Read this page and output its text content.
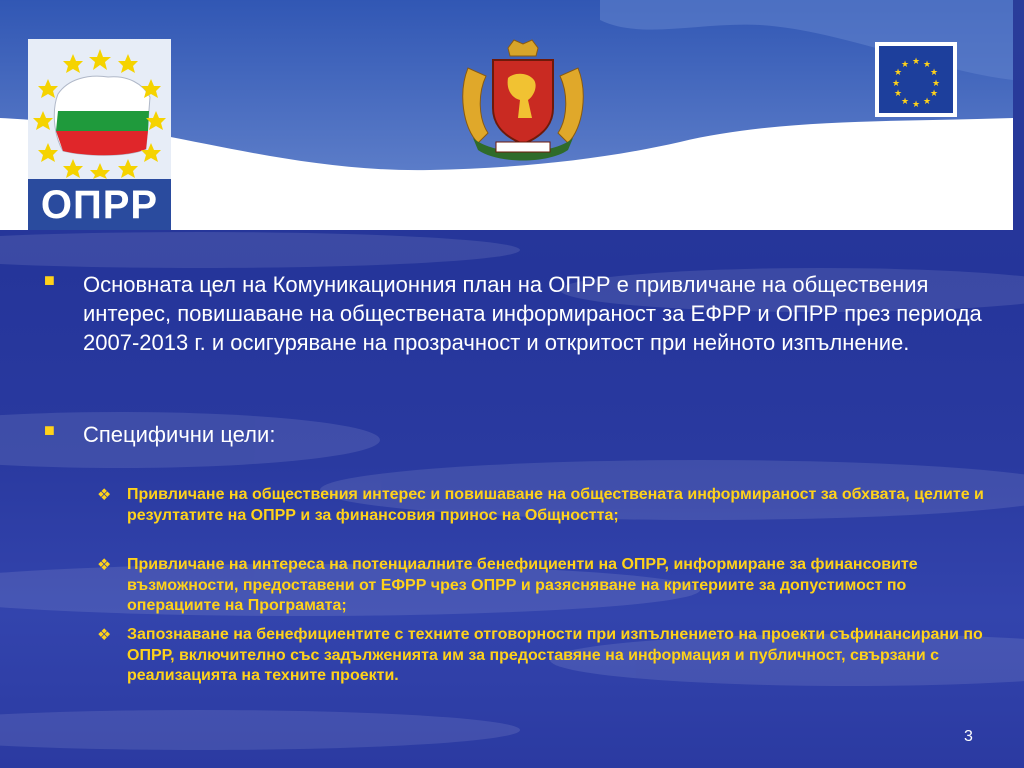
ОПРР
★ ★
★
★
★
★
★
★
★
★
★
★
■ Основната цел на Комуникационния план на ОПРР е привличане на обществения интерес, повишаване на обществената информираност за ЕФРР и ОПРР през периода 2007-2013 г. и осигуряване на прозрачност и откритост при нейното изпълнение.
■ Специфични цели:
❖ Привличане на обществения интерес и повишаване на обществената информираност за обхвата, целите и резултатите на ОПРР и за финансовия принос на Общността;
❖ Привличане на интереса на потенциалните бенефициенти на ОПРР, информиране за финансовите възможности, предоставени от ЕФРР чрез ОПРР и разясняване на критериите за допустимост по операциите на Програмата;
❖ Запознаване на бенефициентите с техните отговорности при изпълнението на проекти съфинансирани по ОПРР, включително със задълженията им за предоставяне на информация и публичност, свързани с реализацията на техните проекти.
3
